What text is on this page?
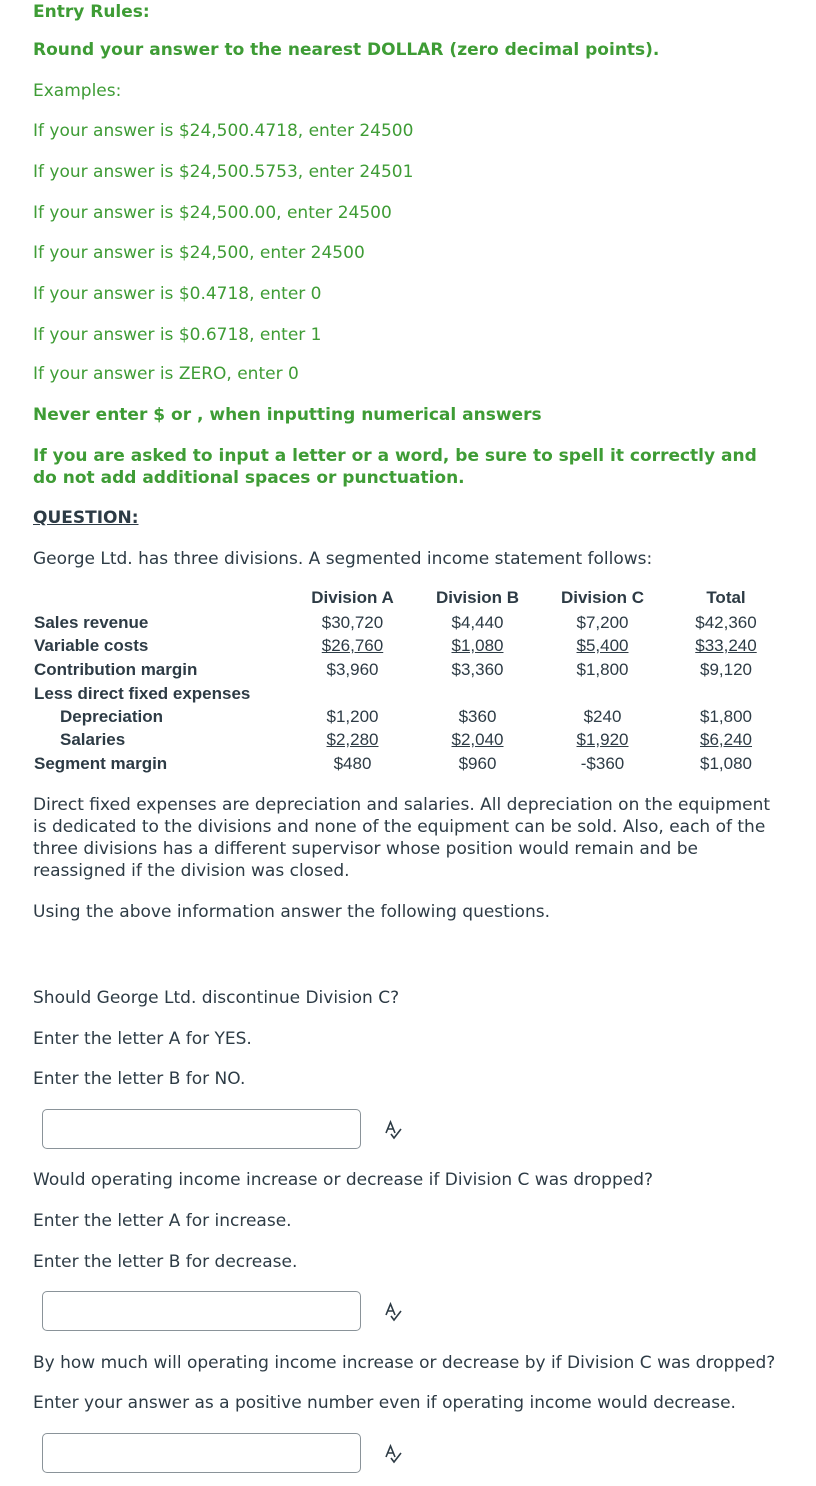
Entry Rules:
Round your answer to the nearest DOLLAR (zero decimal points).
Examples:
If your answer is $24,500.4718, enter 24500
If your answer is $24,500.5753, enter 24501
If your answer is $24,500.00, enter 24500
If your answer is $24,500, enter 24500
If your answer is $0.4718, enter 0
If your answer is $0.6718, enter 1
If your answer is ZERO, enter 0
Never enter $ or , when inputting numerical answers
If you are asked to input a letter or a word, be sure to spell it correctly and do not add additional spaces or punctuation.
QUESTION:
George Ltd. has three divisions. A segmented income statement follows:
Division A	Division B	Division C	Total
Sales revenue	$30,720	$4,440	$7,200	$42,360
Variable costs	$26,760	$1,080	$5,400	$33,240
Contribution margin	$3,960	$3,360	$1,800	$9,120
Less direct fixed expenses
Depreciation	$1,200	$360	$240	$1,800
Salaries	$2,280	$2,040	$1,920	$6,240
Segment margin	$480	$960	-$360	$1,080
Direct fixed expenses are depreciation and salaries. All depreciation on the equipment is dedicated to the divisions and none of the equipment can be sold. Also, each of the three divisions has a different supervisor whose position would remain and be reassigned if the division was closed.
Using the above information answer the following questions.
Should George Ltd. discontinue Division C?
Enter the letter A for YES.
Enter the letter B for NO.
Would operating income increase or decrease if Division C was dropped?
Enter the letter A for increase.
Enter the letter B for decrease.
By how much will operating income increase or decrease by if Division C was dropped?
Enter your answer as a positive number even if operating income would decrease.
